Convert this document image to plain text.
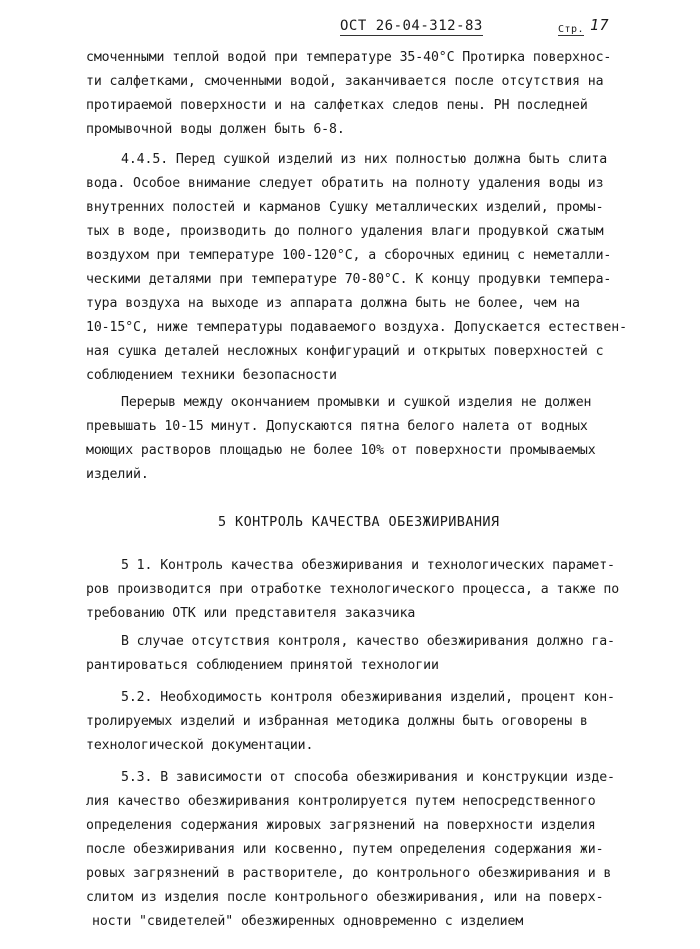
ОСТ 26-04-312-83	Стр. 17
смоченными теплой водой при температуре 35-40°С Протирка поверхнос-
ти салфетками, смоченными водой, заканчивается после отсутствия на
протираемой поверхности и на салфетках следов пены. PH последней
промывочной воды должен быть 6-8.
4.4.5. Перед сушкой изделий из них полностью должна быть слита
вода. Особое внимание следует обратить на полноту удаления воды из
внутренних полостей и карманов Сушку металлических изделий, промы-
тых в воде, производить до полного удаления влаги продувкой сжатым
воздухом при температуре 100-120°С, а сборочных единиц с неметалли-
ческими деталями при температуре 70-80°С. К концу продувки темпера-
тура воздуха на выходе из аппарата должна быть не более, чем на
10-15°С, ниже температуры подаваемого воздуха. Допускается естествен-
ная сушка деталей несложных конфигураций и открытых поверхностей с
соблюдением техники безопасности
Перерыв между окончанием промывки и сушкой изделия не должен
превышать 10-15 минут. Допускаются пятна белого налета от водных
моющих растворов площадью не более 10% от поверхности промываемых
изделий.
5 КОНТРОЛЬ КАЧЕСТВА ОБЕЗЖИРИВАНИЯ
5 1. Контроль качества обезжиривания и технологических парамет-
ров производится при отработке технологического процесса, а также по
требованию ОТК или представителя заказчика
В случае отсутствия контроля, качество обезжиривания должно га-
рантироваться соблюдением принятой технологии
5.2. Необходимость контроля обезжиривания изделий, процент кон-
тролируемых изделий и избранная методика должны быть оговорены в
технологической документации.
5.3. В зависимости от способа обезжиривания и конструкции изде-
лия качество обезжиривания контролируется путем непосредственного
определения содержания жировых загрязнений на поверхности изделия
после обезжиривания или косвенно, путем определения содержания жи-
ровых загрязнений в растворителе, до контрольного обезжиривания и в
слитом из изделия после контрольного обезжиривания, или на поверх-
ности "свидетелей" обезжиренных одновременно с изделием
